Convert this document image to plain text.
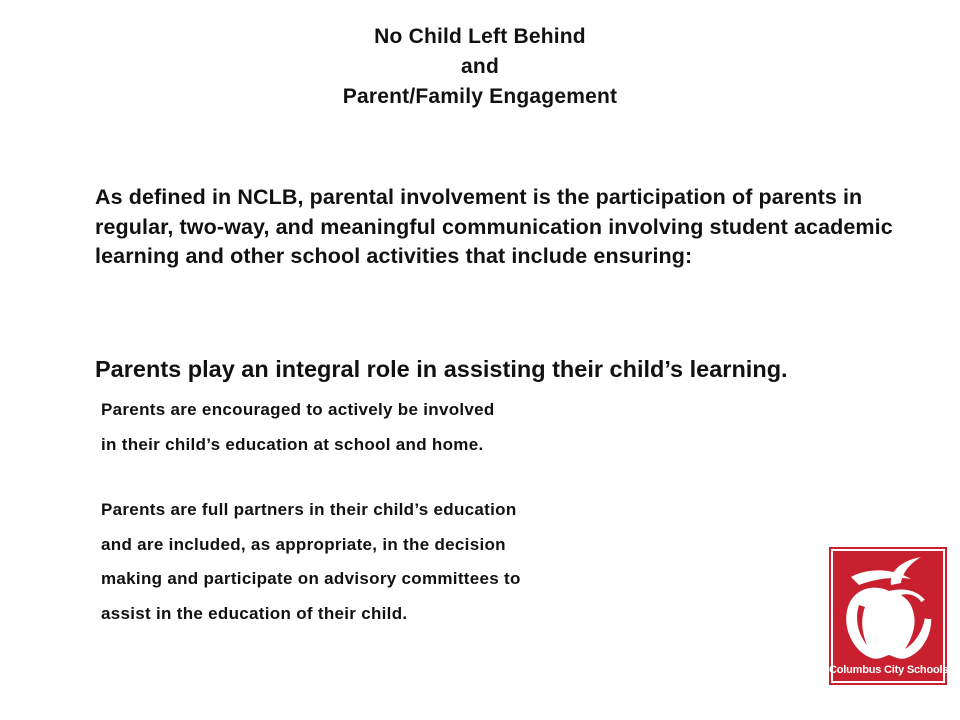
No Child Left Behind
and
Parent/Family Engagement
As defined in NCLB, parental involvement is the participation of parents in regular, two-way, and meaningful communication involving student academic learning and other school activities that include ensuring:
Parents play an integral role in assisting their child’s learning.
Parents are encouraged to actively be involved
in their child’s education at school and home.
Parents are full partners in their child’s education
and are included, as appropriate, in the decision
making and participate on advisory committees to
assist in the education of their child.
Columbus City Schools
